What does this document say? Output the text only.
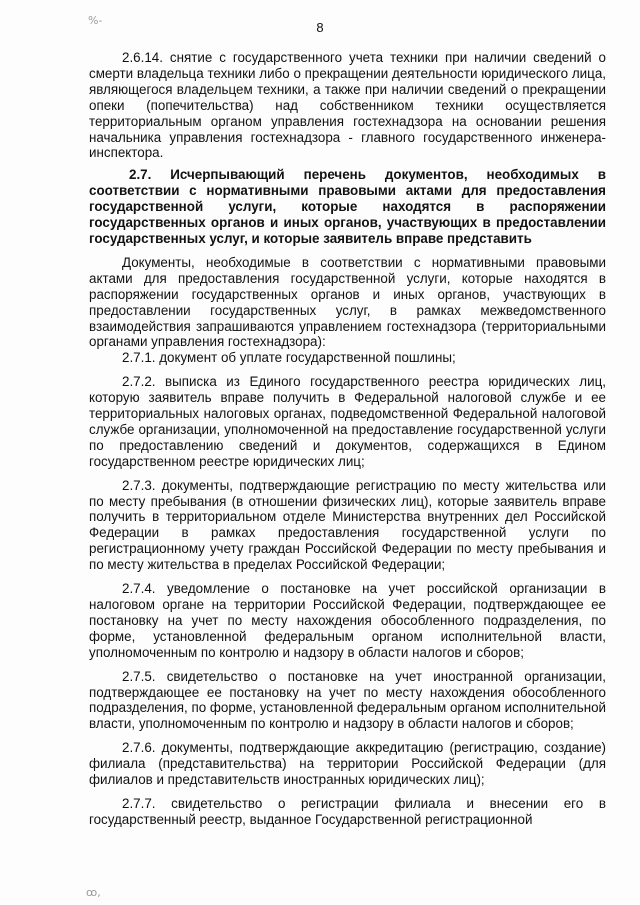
%‑
ꝏ,
8

2.6.14. снятие с государственного учета техники при наличии сведений о смерти владельца техники либо о прекращении деятельности юридического лица, являющегося владельцем техники, а также при наличии сведений о прекращении опеки (попечительства) над собственником техники осуществляется территориальным органом управления гостехнадзора на основании решения начальника управления гостехнадзора - главного государственного инженера-инспектора.

2.7. Исчерпывающий перечень документов, необходимых в соответствии с нормативными правовыми актами для предоставления государственной услуги, которые находятся в распоряжении государственных органов и иных органов, участвующих в предоставлении государственных услуг, и которые заявитель вправе представить

Документы, необходимые в соответствии с нормативными правовыми актами для предоставления государственной услуги, которые находятся в распоряжении государственных органов и иных органов, участвующих в предоставлении государственных услуг, в рамках межведомственного взаимодействия запрашиваются управлением гостехнадзора (территориальными органами управления гостехнадзора):

2.7.1. документ об уплате государственной пошлины;

2.7.2. выписка из Единого государственного реестра юридических лиц, которую заявитель вправе получить в Федеральной налоговой службе и ее территориальных налоговых органах, подведомственной Федеральной налоговой службе организации, уполномоченной на предоставление государственной услуги по предоставлению сведений и документов, содержащихся в Едином государственном реестре юридических лиц;

2.7.3. документы, подтверждающие регистрацию по месту жительства или по месту пребывания (в отношении физических лиц), которые заявитель вправе получить в территориальном отделе Министерства внутренних дел Российской Федерации в рамках предоставления государственной услуги по регистрационному учету граждан Российской Федерации по месту пребывания и по месту жительства в пределах Российской Федерации;

2.7.4. уведомление о постановке на учет российской организации в налоговом органе на территории Российской Федерации, подтверждающее ее постановку на учет по месту нахождения обособленного подразделения, по форме, установленной федеральным органом исполнительной власти, уполномоченным по контролю и надзору в области налогов и сборов;

2.7.5. свидетельство о постановке на учет иностранной организации, подтверждающее ее постановку на учет по месту нахождения обособленного подразделения, по форме, установленной федеральным органом исполнительной власти, уполномоченным по контролю и надзору в области налогов и сборов;

2.7.6. документы, подтверждающие аккредитацию (регистрацию, создание) филиала (представительства) на территории Российской Федерации (для филиалов и представительств иностранных юридических лиц);

2.7.7. свидетельство о регистрации филиала и внесении его в государственный реестр, выданное Государственной регистрационной
